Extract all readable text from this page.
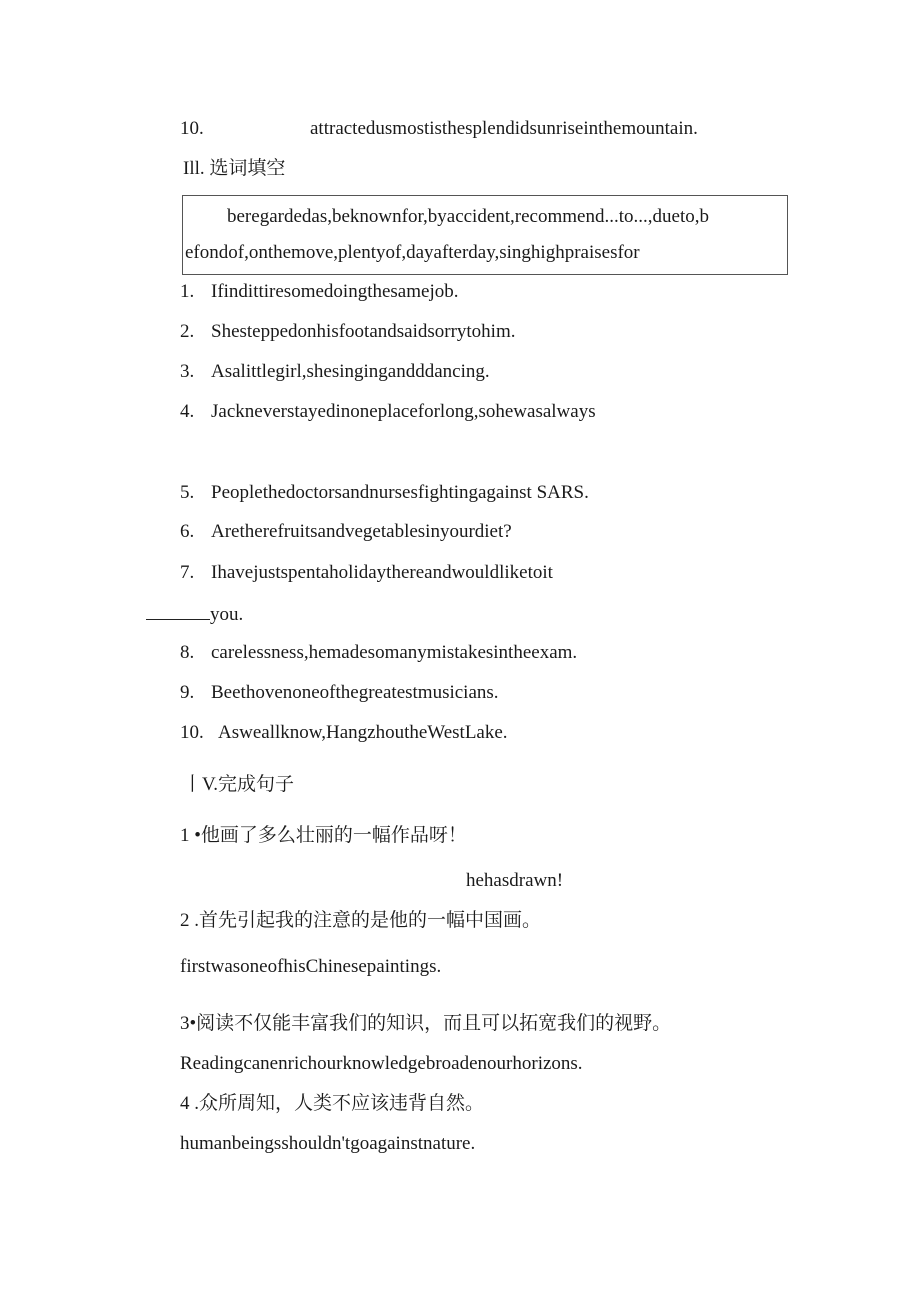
10.	attractedusmostisthesplendidsunriseinthemountain.
Ill. 选词填空
beregardedas,beknownfor,byaccident,recommend...to...,dueto,b
efondof,onthemove,plentyof,dayafterday,singhighpraisesfor
1. Ifindittiresomedoingthesamejob.
2. Shesteppedonhisfootandsaidsorrytohim.
3. Asalittlegirl,shesingingandddancing.
4. Jackneverstayedinoneplaceforlong,sohewasalways
5. Peoplethedoctorsandnursesfightingagainst SARS.
6. Aretherefruitsandvegetablesinyourdiet?
7. Ihavejustspentaholidaythereandwouldliketoit
you.
8. carelessness,hemadesomanymistakesintheexam.
9. Beethovenoneofthegreatestmusicians.
10. Asweallknow,HangzhoutheWestLake.
丨V.完成句子
1 •他画了多么壮丽的一幅作品呀！
hehasdrawn!
2 .首先引起我的注意的是他的一幅中国画。
firstwasoneofhisChinesepaintings.
3•阅读不仅能丰富我们的知识，而且可以拓宽我们的视野。
Readingcanenrichourknowledgebroadenourhorizons.
4 .众所周知，人类不应该违背自然。
humanbeingsshouldn'tgoagainstnature.
